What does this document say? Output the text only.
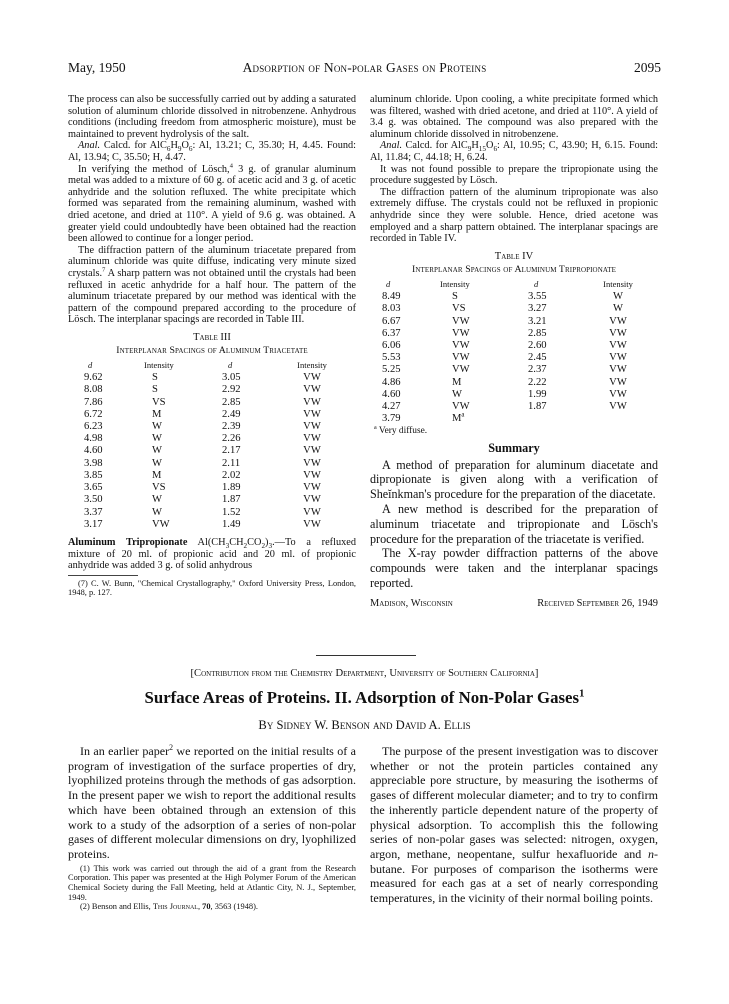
May, 1950	Adsorption of Non-polar Gases on Proteins	2095

The process can also be successfully carried out by adding a saturated solution of aluminum chloride dissolved in nitrobenzene. Anhydrous conditions (including freedom from atmospheric moisture), must be maintained to prevent hydrolysis of the salt.

Anal. Calcd. for $AlC_6H_9O_6$: Al, 13.21; C, 35.30; H, 4.45. Found: Al, 13.94; C, 35.50; H, 4.47.

In verifying the method of Lösch,$^4$ 3 g. of granular aluminum metal was added to a mixture of 60 g. of acetic acid and 3 g. of acetic anhydride and the solution refluxed. The white precipitate which formed was separated from the remaining aluminum, washed with dried acetone, and dried at 110°. A yield of 9.6 g. was obtained. A greater yield could undoubtedly have been obtained had the reaction been allowed to continue for a longer period.

The diffraction pattern of the aluminum triacetate prepared from aluminum chloride was quite diffuse, indicating very minute sized crystals.$^7$ A sharp pattern was not obtained until the crystals had been refluxed in acetic anhydride for a half hour. The pattern of the aluminum triacetate prepared by our method was identical with the pattern of the compound prepared according to the procedure of Lösch. The interplanar spacings are recorded in Table III.

Table III
Interplanar Spacings of Aluminum Triacetate
d	Intensity	d	Intensity
9.62	S	3.05	VW
8.08	S	2.92	VW
7.86	VS	2.85	VW
6.72	M	2.49	VW
6.23	W	2.39	VW
4.98	W	2.26	VW
4.60	W	2.17	VW
3.98	W	2.11	VW
3.85	M	2.02	VW
3.65	VS	1.89	VW
3.50	W	1.87	VW
3.37	W	1.52	VW
3.17	VW	1.49	VW

Aluminum Tripropionate $Al(CH_3CH_2CO_2)_3.—To$ a refluxed mixture of 20 ml. of propionic acid and 20 ml. of propionic anhydride was added 3 g. of solid anhydrous

(7) C. W. Bunn, "Chemical Crystallography," Oxford University Press, London, 1948, p. 127.

aluminum chloride. Upon cooling, a white precipitate formed which was filtered, washed with dried acetone, and dried at 110°. A yield of 3.4 g. was obtained. The compound was also prepared with the aluminum chloride dissolved in nitrobenzene.

Anal. Calcd. for $AlC_9H_{15}O_6$: Al, 10.95; C, 43.90; H, 6.15. Found: Al, 11.84; C, 44.18; H, 6.24.

It was not found possible to prepare the tripropionate using the procedure suggested by Lösch.

The diffraction pattern of the aluminum tripropionate was also extremely diffuse. The crystals could not be refluxed in propionic anhydride since they were soluble. Hence, dried acetone was employed and a sharp pattern obtained. The interplanar spacings are recorded in Table IV.

Table IV
Interplanar Spacings of Aluminum Tripropionate
d	Intensity	d	Intensity
8.49	S	3.55	W
8.03	VS	3.27	W
6.67	VW	3.21	VW
6.37	VW	2.85	VW
6.06	VW	2.60	VW
5.53	VW	2.45	VW
5.25	VW	2.37	VW
4.86	M	2.22	VW
4.60	W	1.99	VW
4.27	VW	1.87	VW
3.79	$M^a$		

$^a$ Very diffuse.

Summary

A method of preparation for aluminum diacetate and dipropionate is given along with a verification of Sheĭnkman's procedure for the preparation of the diacetate.

A new method is described for the preparation of aluminum triacetate and tripropionate and Lösch's procedure for the preparation of the triacetate is verified.

The X-ray powder diffraction patterns of the above compounds were taken and the interplanar spacings reported.

Madison, Wisconsin	Received September 26, 1949
[Contribution from the Chemistry Department, University of Southern California]
Surface Areas of Proteins. II. Adsorption of Non-Polar Gases$^1$
By Sidney W. Benson and David A. Ellis

In an earlier paper$^2$ we reported on the initial results of a program of investigation of the surface properties of dry, lyophilized proteins through the methods of gas adsorption. In the present paper we wish to report the additional results which have been obtained through an extension of this work to a study of the adsorption of a series of non-polar gases of different molecular dimensions on dry, lyophilized proteins.

(1) This work was carried out through the aid of a grant from the Research Corporation. This paper was presented at the High Polymer Forum of the American Chemical Society during the Fall Meeting, held at Atlantic City, N. J., September, 1949.

(2) Benson and Ellis, This Journal, 70, 3563 (1948).

The purpose of the present investigation was to discover whether or not the protein particles contained any appreciable pore structure, by measuring the isotherms of gases of different molecular diameter; and to try to confirm the inherently particle dependent nature of the property of physical adsorption. To accomplish this the following series of non-polar gases was selected: nitrogen, oxygen, argon, methane, neopentane, sulfur hexafluoride and n-butane. For purposes of comparison the isotherms were measured for each gas at a set of nearly corresponding temperatures, in the vicinity of their normal boiling points.
